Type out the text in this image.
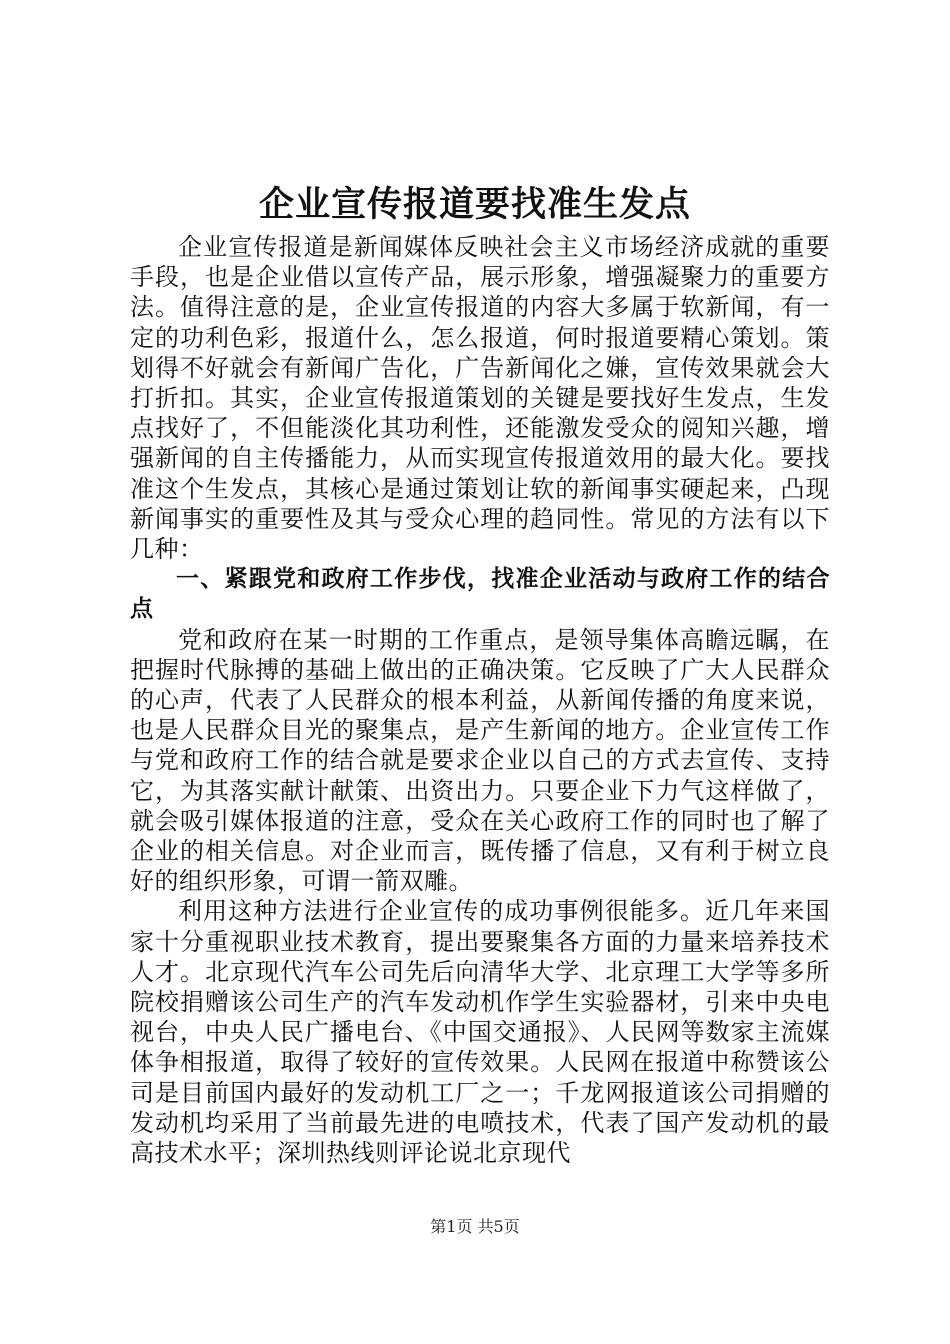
企业宣传报道要找准生发点

企业宣传报道是新闻媒体反映社会主义市场经济成就的重要手段，也是企业借以宣传产品，展示形象，增强凝聚力的重要方法。值得注意的是，企业宣传报道的内容大多属于软新闻，有一定的功利色彩，报道什么，怎么报道，何时报道要精心策划。策划得不好就会有新闻广告化，广告新闻化之嫌，宣传效果就会大打折扣。其实，企业宣传报道策划的关键是要找好生发点，生发点找好了，不但能淡化其功利性，还能激发受众的阅知兴趣，增强新闻的自主传播能力，从而实现宣传报道效用的最大化。要找准这个生发点，其核心是通过策划让软的新闻事实硬起来，凸现新闻事实的重要性及其与受众心理的趋同性。常见的方法有以下几种：

一、紧跟党和政府工作步伐，找准企业活动与政府工作的结合点

党和政府在某一时期的工作重点，是领导集体高瞻远瞩，在把握时代脉搏的基础上做出的正确决策。它反映了广大人民群众的心声，代表了人民群众的根本利益，从新闻传播的角度来说，也是人民群众目光的聚集点，是产生新闻的地方。企业宣传工作与党和政府工作的结合就是要求企业以自己的方式去宣传、支持它，为其落实献计献策、出资出力。只要企业下力气这样做了，就会吸引媒体报道的注意，受众在关心政府工作的同时也了解了企业的相关信息。对企业而言，既传播了信息，又有利于树立良好的组织形象，可谓一箭双雕。

利用这种方法进行企业宣传的成功事例很能多。近几年来国家十分重视职业技术教育，提出要聚集各方面的力量来培养技术人才。北京现代汽车公司先后向清华大学、北京理工大学等多所院校捐赠该公司生产的汽车发动机作学生实验器材，引来中央电视台，中央人民广播电台、《中国交通报》、人民网等数家主流媒体争相报道，取得了较好的宣传效果。人民网在报道中称赞该公司是目前国内最好的发动机工厂之一；千龙网报道该公司捐赠的发动机均采用了当前最先进的电喷技术，代表了国产发动机的最高技术水平；深圳热线则评论说北京现代

第1页 共5页
